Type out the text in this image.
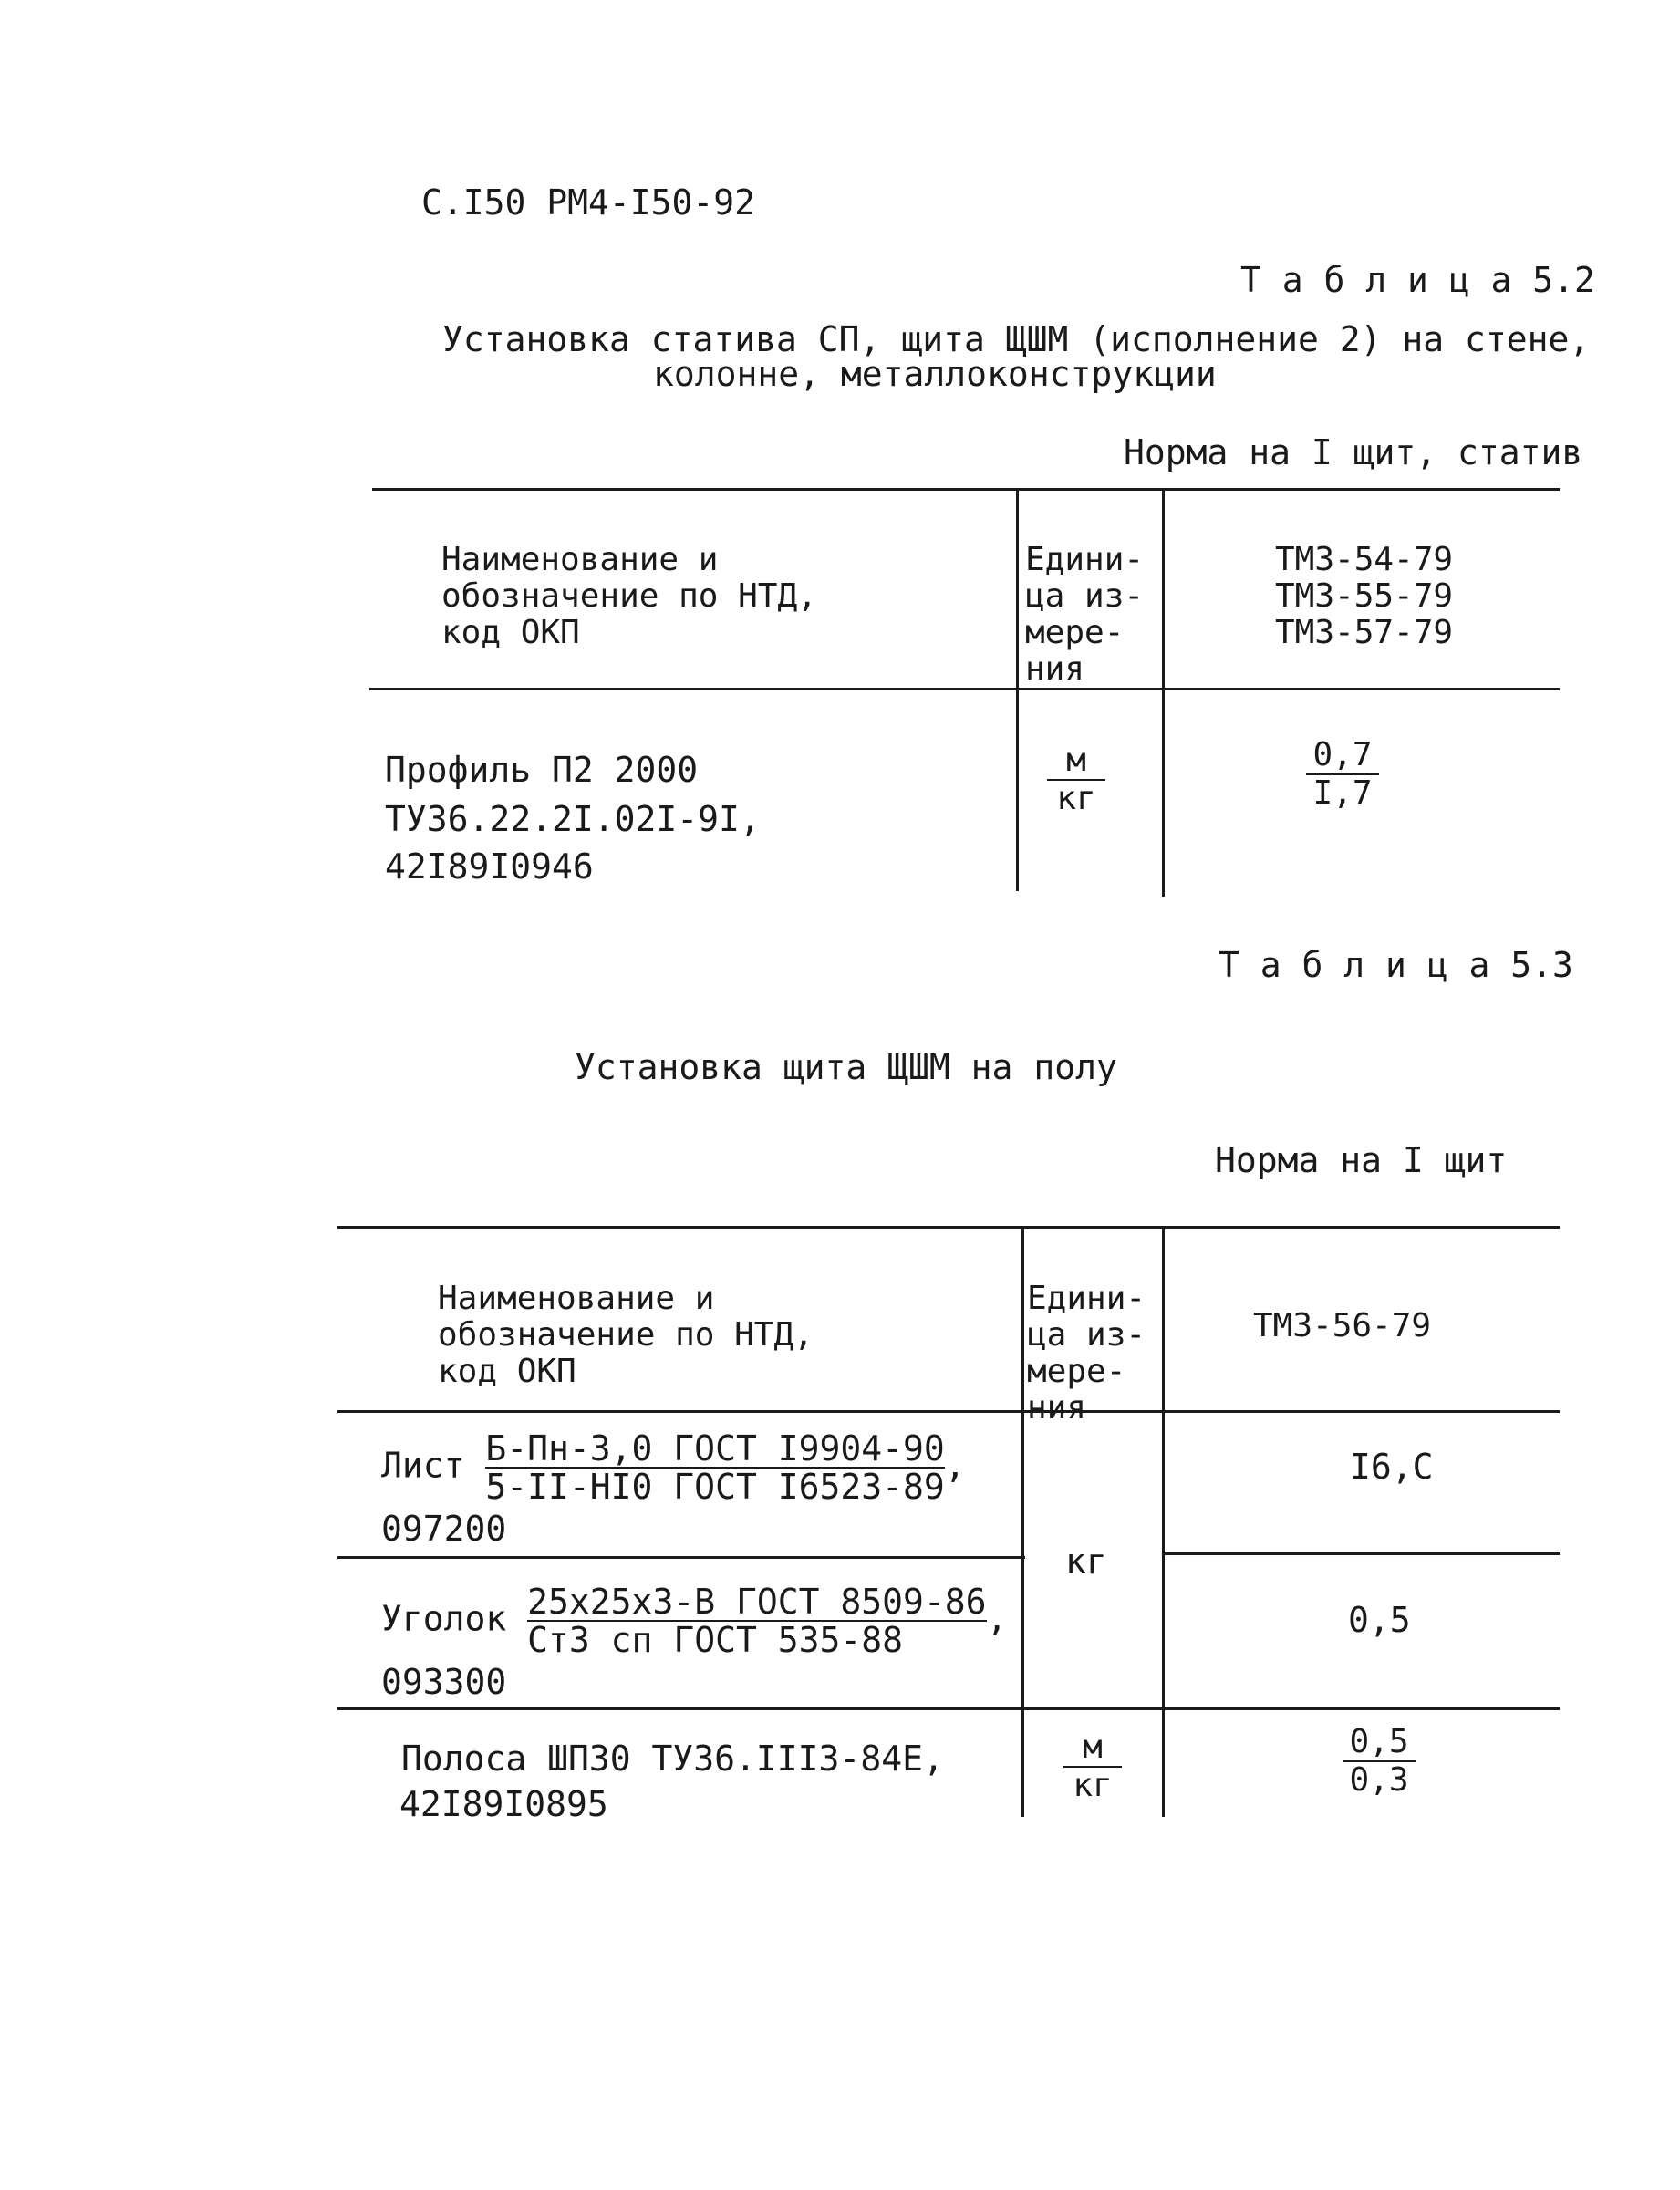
С.I50 РМ4-I50-92
Т а б л и ц а 5.2
Установка статива СП, щита ЩШМ (исполнение 2) на стене,
колонне, металлоконструкции
Норма на I щит, статив
Наименование и
обозначение по НТД,
код ОКП
Едини-
ца из-
мере-
ния
ТМ3-54-79
ТМ3-55-79
ТМ3-57-79
Профиль П2 2000
ТУ36.22.2I.02I-9I,
42I89I0946
м
кг	$\frac{0,7}{I,7}$
Т а б л и ц а 5.3
Установка щита ЩШМ на полу
Норма на I щит
Наименование и
обозначение по НТД,
код ОКП
Едини-
ца из-
мере-
ния
ТМ3-56-79
кг
Лист $\frac{\text{Б-Пн-3,0 ГОСТ I9904-90}}{\text{5-II-HI0 ГОСТ I6523-89}}$ ,
097200
I6,С
Уголок $\frac{\text{25х25х3-В ГОСТ 8509-86}}{\text{Ст3 сп ГОСТ 535-88}}$ ,
093300
0,5
Полоса ШП30 ТУ36.III3-84Е,
42I89I0895
м
кг	$\frac{0,5}{0,3}$
